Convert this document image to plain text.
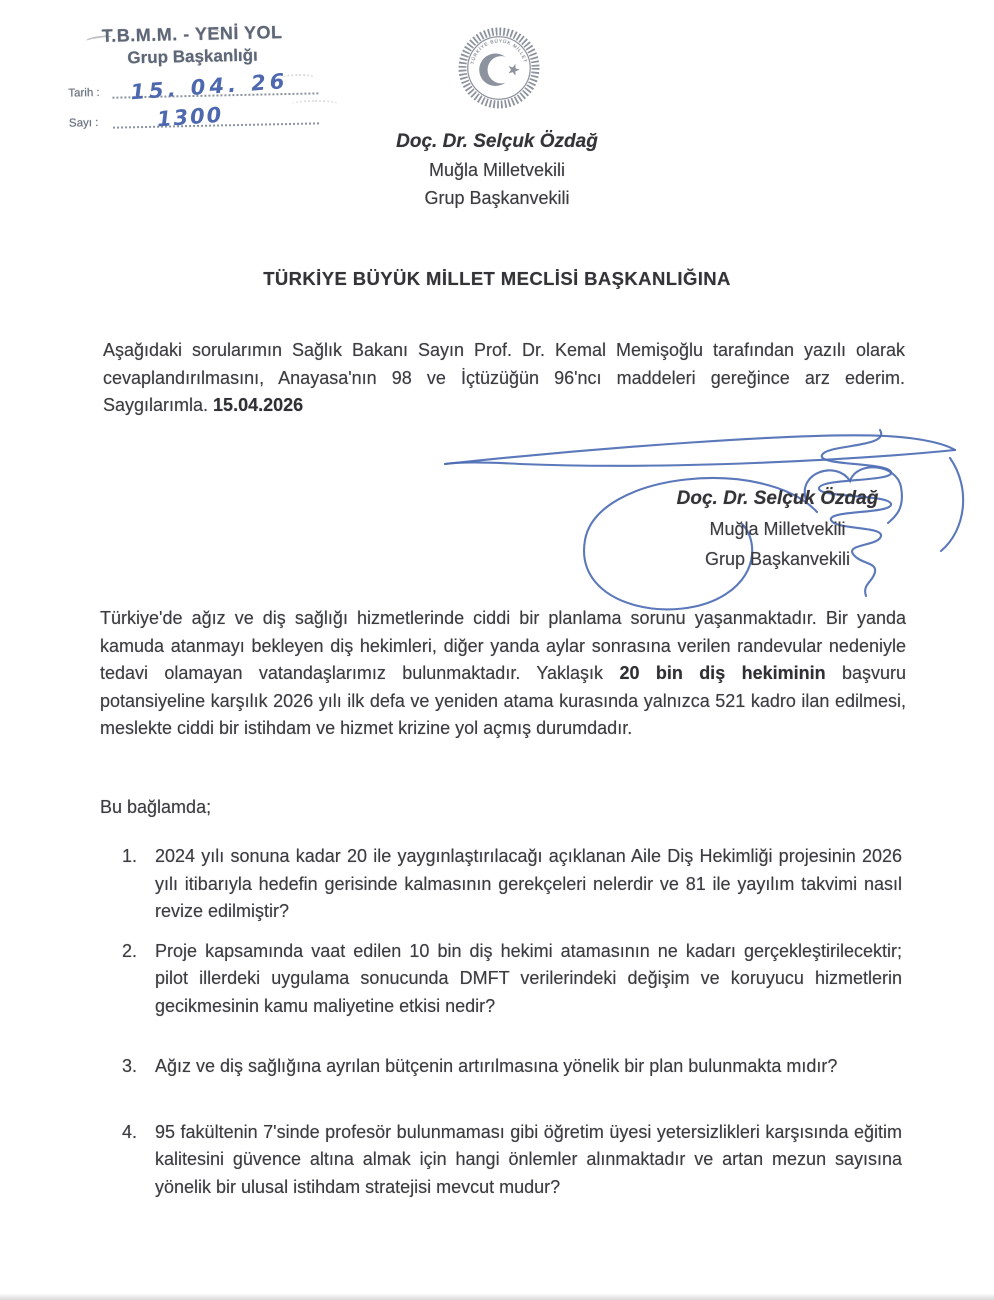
T.B.M.M. - YENİ YOL
Grup Başkanlığı
Tarih :	15. 04. 26
Sayı :	1300
TÜRKİYE BÜYÜK MİLLET
Doç. Dr. Selçuk Özdağ
Muğla Milletvekili
Grup Başkanvekili
TÜRKİYE BÜYÜK MİLLET MECLİSİ BAŞKANLIĞINA

Aşağıdaki sorularımın Sağlık Bakanı Sayın Prof. Dr. Kemal Memişoğlu tarafından yazılı olarak cevaplandırılmasını, Anayasa'nın 98 ve İçtüzüğün 96'ncı maddeleri gereğince arz ederim. Saygılarımla. 15.04.2026

Doç. Dr. Selçuk Özdağ
Muğla Milletvekili
Grup Başkanvekili

Türkiye'de ağız ve diş sağlığı hizmetlerinde ciddi bir planlama sorunu yaşanmaktadır. Bir yanda kamuda atanmayı bekleyen diş hekimleri, diğer yanda aylar sonrasına verilen randevular nedeniyle tedavi olamayan vatandaşlarımız bulunmaktadır. Yaklaşık 20 bin diş hekiminin başvuru potansiyeline karşılık 2026 yılı ilk defa ve yeniden atama kurasında yalnızca 521 kadro ilan edilmesi, meslekte ciddi bir istihdam ve hizmet krizine yol açmış durumdadır.

Bu bağlamda;
1. 2024 yılı sonuna kadar 20 ile yaygınlaştırılacağı açıklanan Aile Diş Hekimliği projesinin 2026 yılı itibarıyla hedefin gerisinde kalmasının gerekçeleri nelerdir ve 81 ile yayılım takvimi nasıl revize edilmiştir?
2. Proje kapsamında vaat edilen 10 bin diş hekimi atamasının ne kadarı gerçekleştirilecektir; pilot illerdeki uygulama sonucunda DMFT verilerindeki değişim ve koruyucu hizmetlerin gecikmesinin kamu maliyetine etkisi nedir?
3. Ağız ve diş sağlığına ayrılan bütçenin artırılmasına yönelik bir plan bulunmakta mıdır?
4. 95 fakültenin 7'sinde profesör bulunmaması gibi öğretim üyesi yetersizlikleri karşısında eğitim kalitesini güvence altına almak için hangi önlemler alınmaktadır ve artan mezun sayısına yönelik bir ulusal istihdam stratejisi mevcut mudur?
